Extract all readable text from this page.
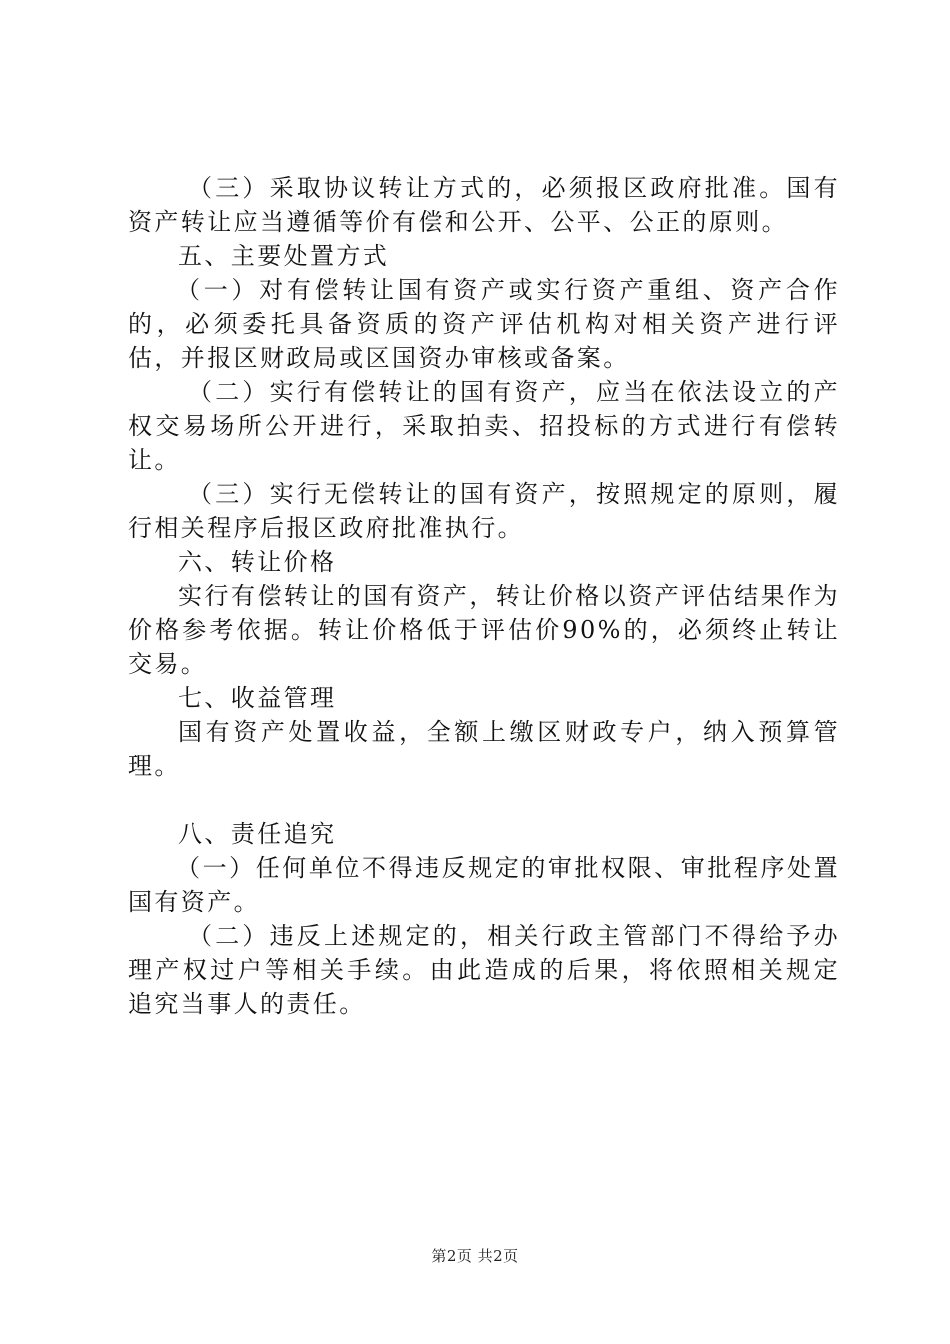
（三）采取协议转让方式的，必须报区政府批准。国有资产转让应当遵循等价有偿和公开、公平、公正的原则。

五、主要处置方式

（一）对有偿转让国有资产或实行资产重组、资产合作的，必须委托具备资质的资产评估机构对相关资产进行评估，并报区财政局或区国资办审核或备案。

（二）实行有偿转让的国有资产，应当在依法设立的产权交易场所公开进行，采取拍卖、招投标的方式进行有偿转让。

（三）实行无偿转让的国有资产，按照规定的原则，履行相关程序后报区政府批准执行。

六、转让价格

实行有偿转让的国有资产，转让价格以资产评估结果作为价格参考依据。转让价格低于评估价90%的，必须终止转让交易。

七、收益管理

国有资产处置收益，全额上缴区财政专户，纳入预算管理。

八、责任追究

（一）任何单位不得违反规定的审批权限、审批程序处置国有资产。

（二）违反上述规定的，相关行政主管部门不得给予办理产权过户等相关手续。由此造成的后果，将依照相关规定追究当事人的责任。

第2页 共2页
